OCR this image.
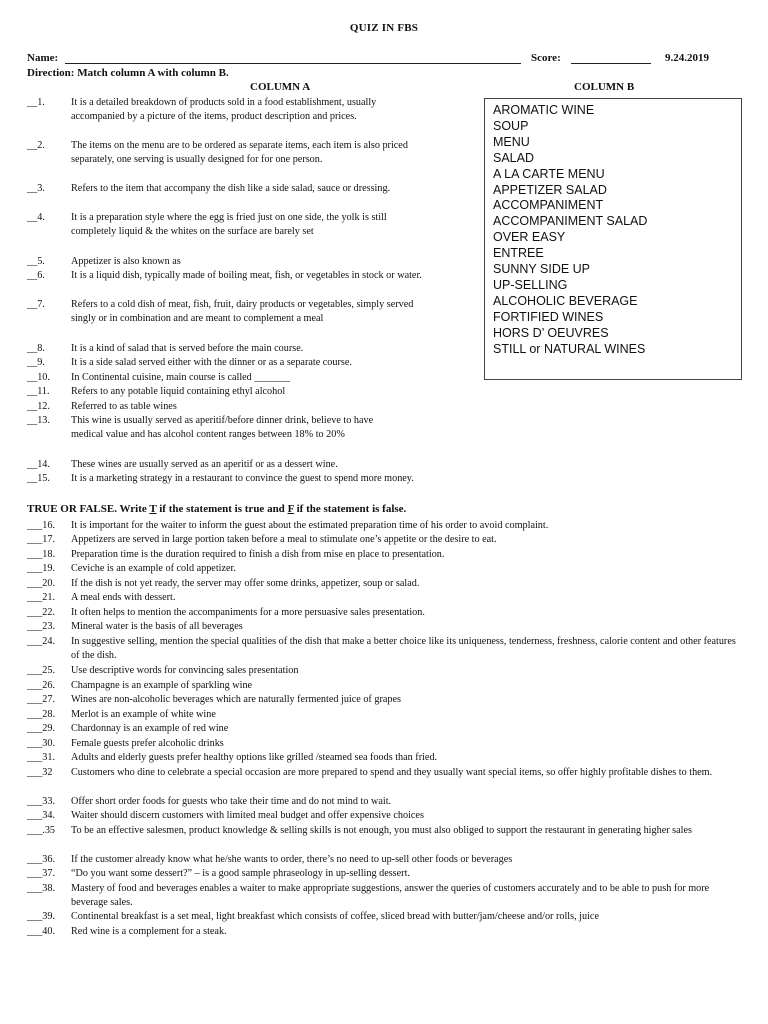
QUIZ IN FBS
Name:	Score:	9.24.2019
Direction: Match column A with column B.
COLUMN A	COLUMN B
__1.	It is a detailed breakdown of products sold in a food establishment, usually accompanied by a picture of the items, product description and prices.
__2.	The items on the menu are to be ordered as separate items, each item is also priced separately, one serving is usually designed for for one person.
__3.	Refers to the item that accompany the dish like a side salad, sauce or dressing.
__4.	It is a preparation style where the egg is fried just on one side, the yolk is still completely liquid & the whites on the surface are barely set
__5.	Appetizer is also known as
__6.	It is a liquid dish, typically made of boiling meat, fish, or vegetables in stock or water.
__7.	Refers to a cold dish of meat, fish, fruit, dairy products or vegetables, simply served singly or in combination and are meant to complement a meal
__8.	It is a kind of salad that is served before the main course.
__9.	It is a side salad served either with the dinner or as a separate course.
__10. In Continental cuisine, main course is called _______
__11. Refers to any potable liquid containing ethyl alcohol
__12. Referred to as table wines
__13. This wine is usually served as aperitif/before dinner drink, believe to have medical value and has alcohol content ranges between 18% to 20%
__14. These wines are usually served as an aperitif or as a dessert wine.
__15. It is a marketing strategy in a restaurant to convince the guest to spend more money.
AROMATIC WINE
SOUP
MENU
SALAD
A LA CARTE MENU
APPETIZER SALAD
ACCOMPANIMENT
ACCOMPANIMENT SALAD
OVER EASY
ENTREE
SUNNY SIDE UP
UP-SELLING
ALCOHOLIC BEVERAGE
FORTIFIED WINES
HORS D’ OEUVRES
STILL or NATURAL WINES
TRUE OR FALSE. Write T if the statement is true and F if the statement is false.
___16. It is important for the waiter to inform the guest about the estimated preparation time of his order to avoid complaint.
___17. Appetizers are served in large portion taken before a meal to stimulate one’s appetite or the desire to eat.
___18. Preparation time is the duration required to finish a dish from mise en place to presentation.
___19. Ceviche is an example of cold appetizer.
___20. If the dish is not yet ready, the server may offer some drinks, appetizer, soup or salad.
___21. A meal ends with dessert.
___22. It often helps to mention the accompaniments for a more persuasive sales presentation.
___23. Mineral water is the basis of all beverages
___24. In suggestive selling, mention the special qualities of the dish that make a better choice like its uniqueness, tenderness, freshness, calorie content and other features of the dish.
___25. Use descriptive words for convincing sales presentation
___26. Champagne is an example of sparkling wine
___27. Wines are non-alcoholic beverages which are naturally fermented juice of grapes
___28. Merlot is an example of white wine
___29. Chardonnay is an example of red wine
___30. Female guests prefer alcoholic drinks
___31. Adults and elderly guests prefer healthy options like grilled /steamed sea foods than fried.
___32 Customers who dine to celebrate a special occasion are more prepared to spend and they usually want special items, so offer highly profitable dishes to them.
___33. Offer short order foods for guests who take their time and do not mind to wait.
___34. Waiter should discern customers with limited meal budget and offer expensive choices
___.35 To be an effective salesmen, product knowledge & selling skills is not enough, you must also obliged to support the restaurant in generating higher sales
___36. If the customer already know what he/she wants to order, there’s no need to up-sell other foods or beverages
___37. “Do you want some dessert?” – is a good sample phraseology in up-selling dessert.
___38. Mastery of food and beverages enables a waiter to make appropriate suggestions, answer the queries of customers accurately and to be able to push for more beverage sales.
___39. Continental breakfast is a set meal, light breakfast which consists of coffee, sliced bread with butter/jam/cheese and/or rolls, juice
___40. Red wine is a complement for a steak.
